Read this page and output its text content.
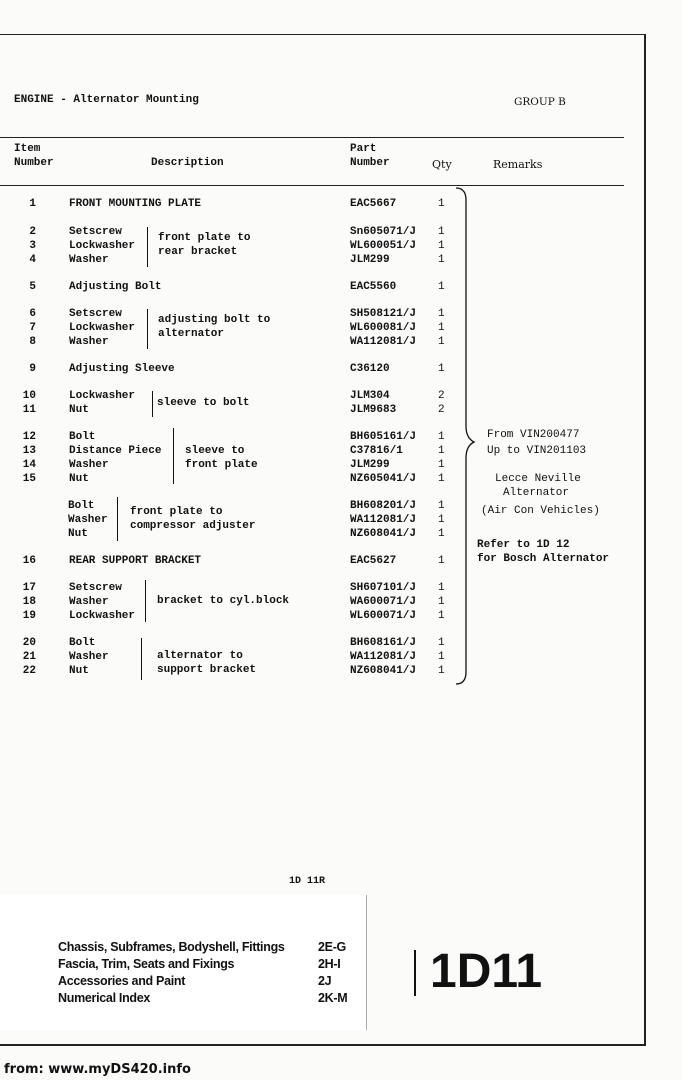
ENGINE - Alternator Mounting	GROUP B
Item
Number	Description
Part
Number	Qty	Remarks
1	FRONT MOUNTING PLATE	EAC5667	1
2	Setscrew	Sn605071/J 1
3	Lockwasher	WL600051/J 1
4	Washer	JLM299	1
5	Adjusting Bolt	EAC5560	1
6	Setscrew	SH508121/J 1
7	Lockwasher	WL600081/J 1
8	Washer	WA112081/J 1
9	Adjusting Sleeve	C36120	1
10	Lockwasher	JLM304	2
11	Nut	JLM9683	2
12	Bolt	BH605161/J 1
13	Distance Piece	C37816/1	1
14	Washer	JLM299	1
15	Nut	NZ605041/J 1
Bolt	BH608201/J 1
Washer	WA112081/J 1
Nut	NZ608041/J 1
16	REAR SUPPORT BRACKET	EAC5627	1
17	Setscrew	SH607101/J 1
18	Washer	WA600071/J 1
19	Lockwasher	WL600071/J 1
20	Bolt	BH608161/J 1
21	Washer	WA112081/J 1
22	Nut	NZ608041/J 1
front plate to
rear bracket
adjusting bolt to
alternator
sleeve to bolt
sleeve to
front plate
front plate to
compressor adjuster
bracket to cyl.block
alternator to
support bracket
From VIN200477
Up to VIN201103
Lecce Neville
Alternator
(Air Con Vehicles)
Refer to 1D 12
for Bosch Alternator
1D 11R
Chassis, Subframes, Bodyshell, Fittings	2E-G
Fascia, Trim, Seats and Fixings	2H-I
Accessories and Paint	2J
Numerical Index	2K-M 1D11
from: www.myDS420.info
